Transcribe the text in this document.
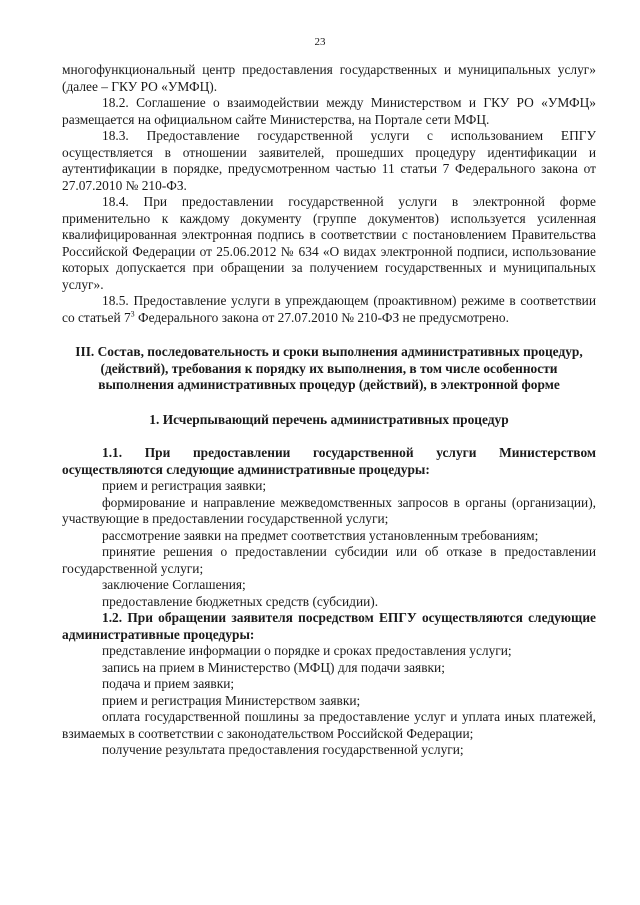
23

многофункциональный центр предоставления государственных и муниципальных услуг» (далее – ГКУ РО «УМФЦ).

18.2. Соглашение о взаимодействии между Министерством и ГКУ РО «УМФЦ» размещается на официальном сайте Министерства, на Портале сети МФЦ.

18.3. Предоставление государственной услуги с использованием ЕПГУ осуществляется в отношении заявителей, прошедших процедуру идентификации и аутентификации в порядке, предусмотренном частью 11 статьи 7 Федерального закона от 27.07.2010 № 210-ФЗ.

18.4. При предоставлении государственной услуги в электронной форме применительно к каждому документу (группе документов) используется усиленная квалифицированная электронная подпись в соответствии с постановлением Правительства Российской Федерации от 25.06.2012 № 634 «О видах электронной подписи, использование которых допускается при обращении за получением государственных и муниципальных услуг».

18.5. Предоставление услуги в упреждающем (проактивном) режиме в соответствии со статьей $7^3$ Федерального закона от 27.07.2010 № 210-ФЗ не предусмотрено.

III. Состав, последовательность и сроки выполнения административных процедур, (действий), требования к порядку их выполнения, в том числе особенности выполнения административных процедур (действий), в электронной форме
1. Исчерпывающий перечень административных процедур

1.1. При предоставлении государственной услуги Министерством осуществляются следующие административные процедуры:

прием и регистрация заявки;

формирование и направление межведомственных запросов в органы (организации), участвующие в предоставлении государственной услуги;

рассмотрение заявки на предмет соответствия установленным требованиям;

принятие решения о предоставлении субсидии или об отказе в предоставлении государственной услуги;

заключение Соглашения;

предоставление бюджетных средств (субсидии).

1.2. При обращении заявителя посредством ЕПГУ осуществляются следующие административные процедуры:

представление информации о порядке и сроках предоставления услуги;

запись на прием в Министерство (МФЦ) для подачи заявки;

подача и прием заявки;

прием и регистрация Министерством заявки;

оплата государственной пошлины за предоставление услуг и уплата иных платежей, взимаемых в соответствии с законодательством Российской Федерации;

получение результата предоставления государственной услуги;
